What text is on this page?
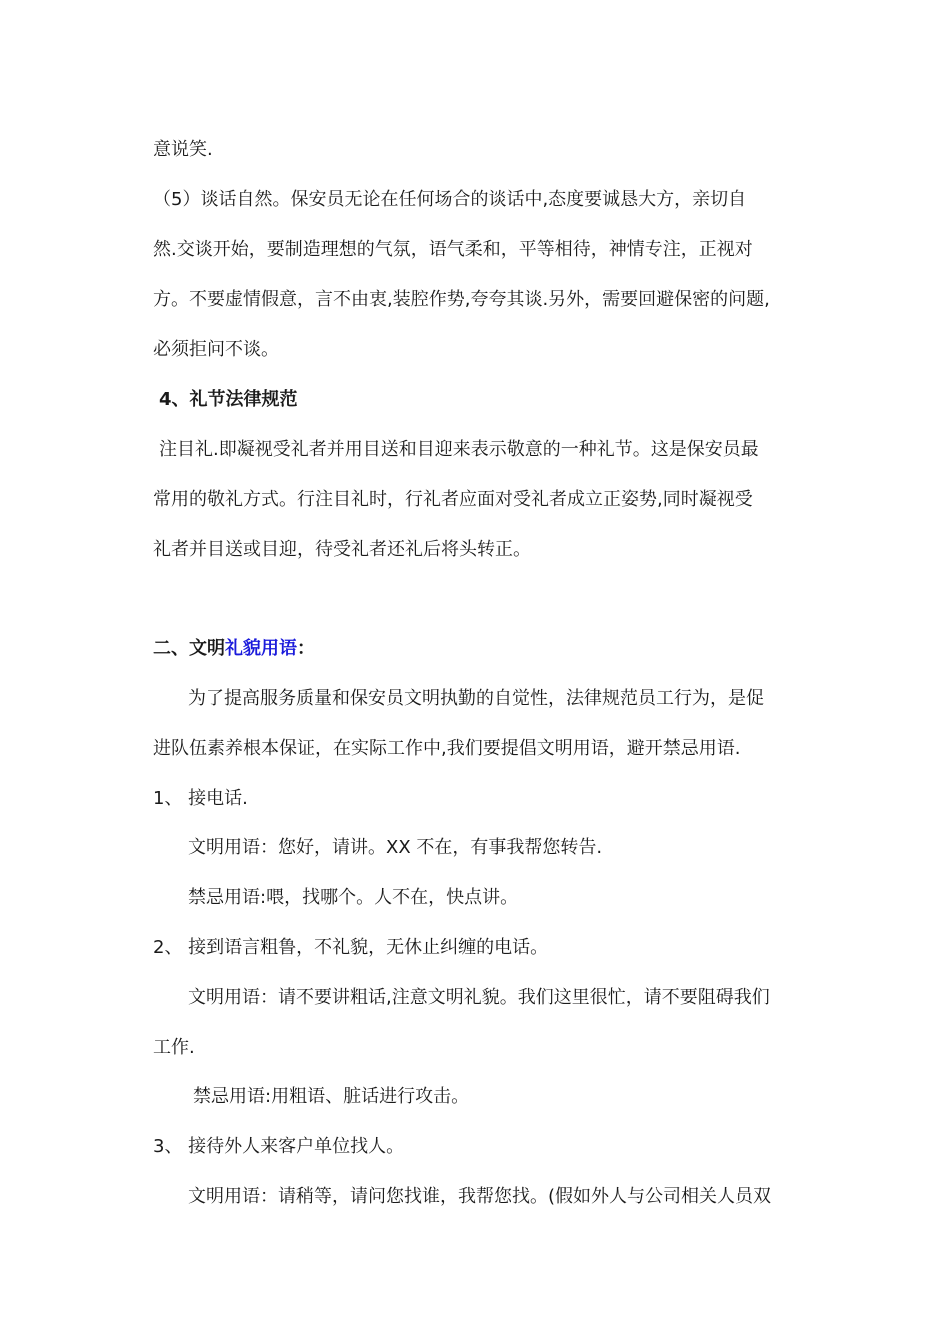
意说笑.
（5）谈话自然。保安员无论在任何场合的谈话中,态度要诚恳大方，亲切自
然.交谈开始，要制造理想的气氛，语气柔和，平等相待，神情专注，正视对
方。不要虚情假意，言不由衷,装腔作势,夸夸其谈.另外，需要回避保密的问题,
必须拒问不谈。
4、礼节法律规范
注目礼.即凝视受礼者并用目送和目迎来表示敬意的一种礼节。这是保安员最
常用的敬礼方式。行注目礼时，行礼者应面对受礼者成立正姿势,同时凝视受
礼者并目送或目迎，待受礼者还礼后将头转正。
二、文明礼貌用语：
为了提高服务质量和保安员文明执勤的自觉性，法律规范员工行为，是促
进队伍素养根本保证，在实际工作中,我们要提倡文明用语，避开禁忌用语.
1、 接电话.
文明用语：您好，请讲。XX 不在，有事我帮您转告.
禁忌用语:喂，找哪个。人不在，快点讲。
2、 接到语言粗鲁，不礼貌，无休止纠缠的电话。
文明用语：请不要讲粗话,注意文明礼貌。我们这里很忙，请不要阻碍我们
工作.
禁忌用语:用粗语、脏话进行攻击。
3、 接待外人来客户单位找人。
文明用语：请稍等，请问您找谁，我帮您找。(假如外人与公司相关人员双
